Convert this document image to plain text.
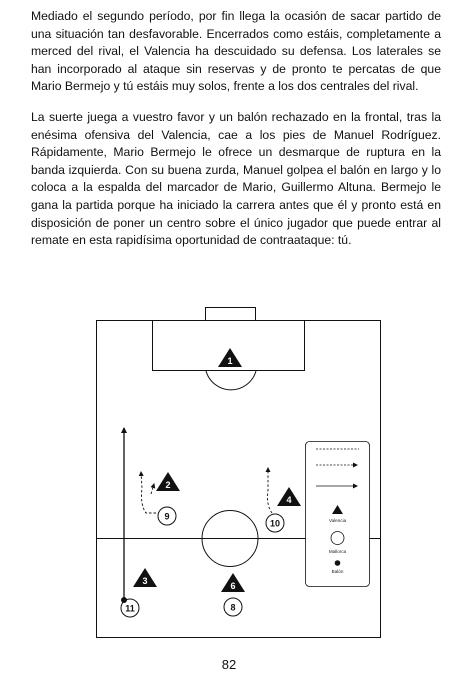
Mediado el segundo período, por fin llega la ocasión de sacar partido de una situación tan desfavorable. Encerrados como estáis, completamente a merced del rival, el Valencia ha descuidado su defensa. Los laterales se han incorporado al ataque sin reservas y de pronto te percatas de que Mario Bermejo y tú estáis muy solos, frente a los dos centrales del rival.

La suerte juega a vuestro favor y un balón rechazado en la frontal, tras la enésima ofensiva del Valencia, cae a los pies de Manuel Rodríguez. Rápidamente, Mario Bermejo le ofrece un desmarque de ruptura en la banda izquierda. Con su buena zurda, Manuel golpea el balón en largo y lo coloca a la espalda del marcador de Mario, Guillermo Altuna. Bermejo le gana la partida porque ha iniciado la carrera antes que él y pronto está en disposición de poner un centro sobre el único jugador que puede entrar al remate en esta rapidísima oportunidad de contraataque: tú.

1
2
3
4
6
9
10
11	8
Valencia
Mallorca
Balón
82
